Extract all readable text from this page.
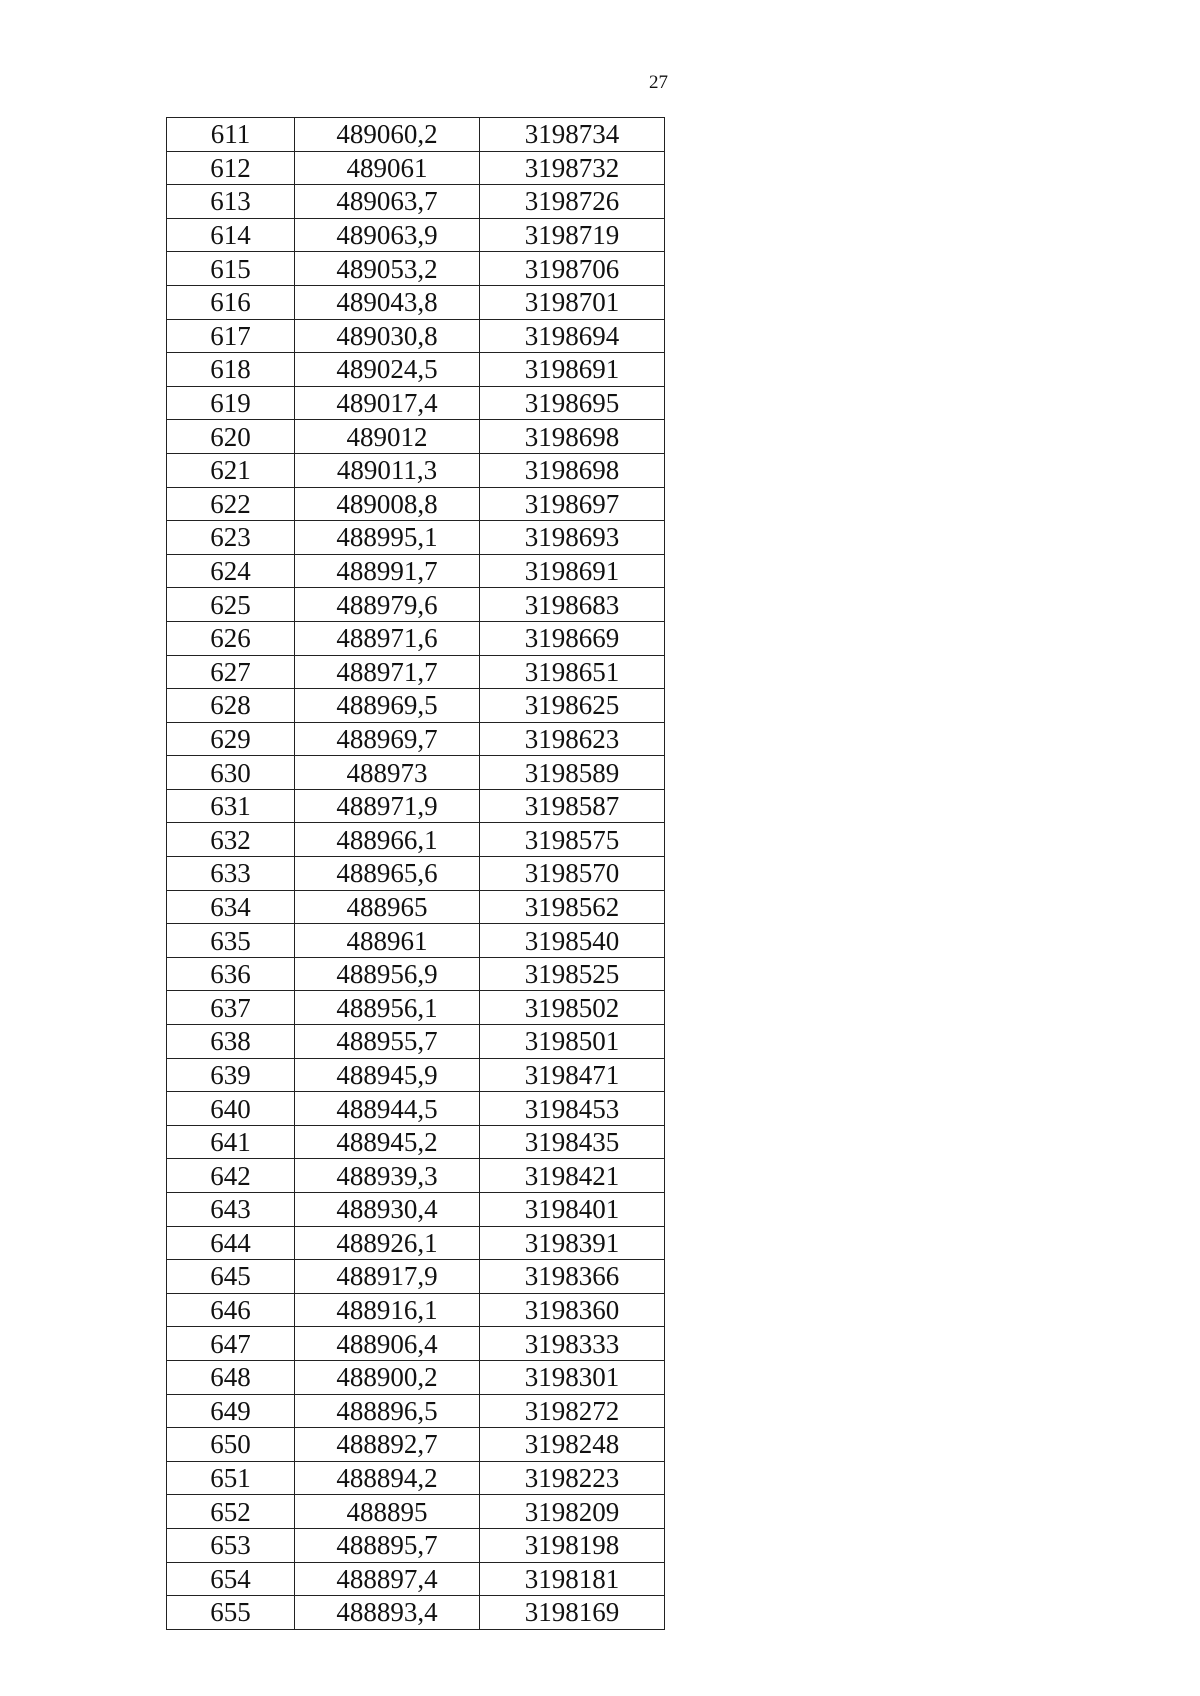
27
611	489060,2	3198734
612	489061	3198732
613	489063,7	3198726
614	489063,9	3198719
615	489053,2	3198706
616	489043,8	3198701
617	489030,8	3198694
618	489024,5	3198691
619	489017,4	3198695
620	489012	3198698
621	489011,3	3198698
622	489008,8	3198697
623	488995,1	3198693
624	488991,7	3198691
625	488979,6	3198683
626	488971,6	3198669
627	488971,7	3198651
628	488969,5	3198625
629	488969,7	3198623
630	488973	3198589
631	488971,9	3198587
632	488966,1	3198575
633	488965,6	3198570
634	488965	3198562
635	488961	3198540
636	488956,9	3198525
637	488956,1	3198502
638	488955,7	3198501
639	488945,9	3198471
640	488944,5	3198453
641	488945,2	3198435
642	488939,3	3198421
643	488930,4	3198401
644	488926,1	3198391
645	488917,9	3198366
646	488916,1	3198360
647	488906,4	3198333
648	488900,2	3198301
649	488896,5	3198272
650	488892,7	3198248
651	488894,2	3198223
652	488895	3198209
653	488895,7	3198198
654	488897,4	3198181
655	488893,4	3198169
